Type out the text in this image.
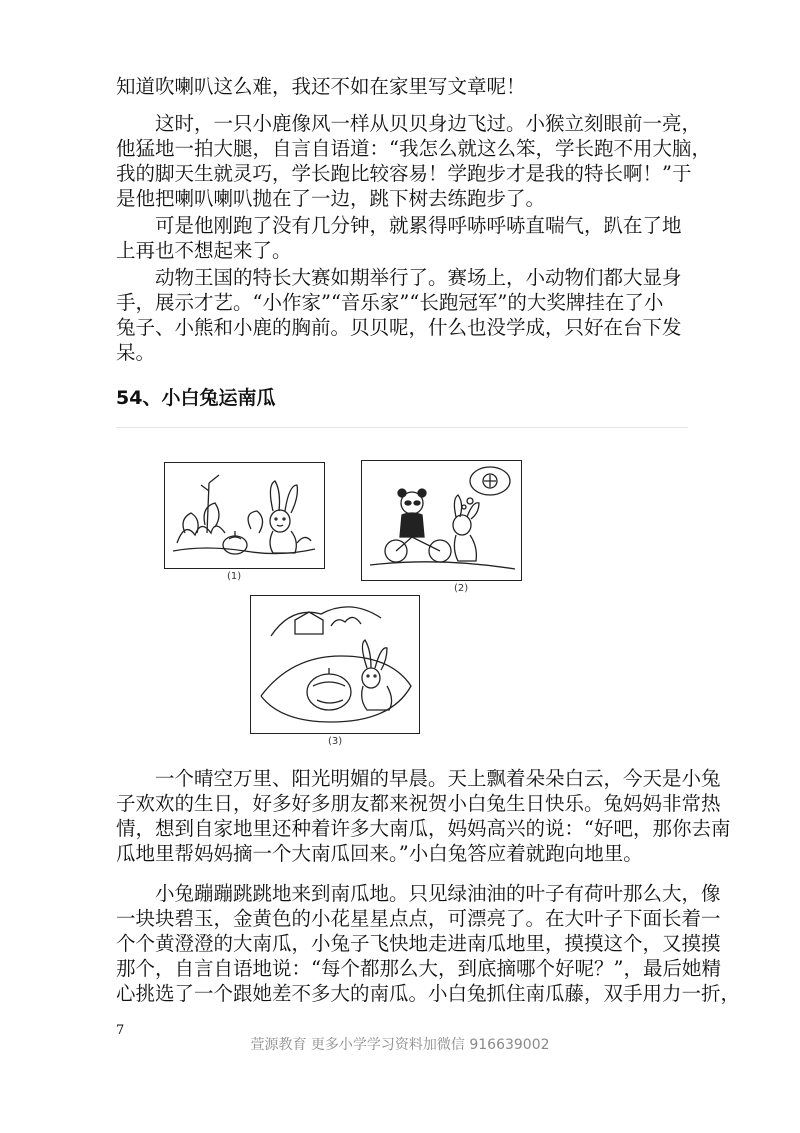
知道吹喇叭这么难，我还不如在家里写文章呢！
　　这时，一只小鹿像风一样从贝贝身边飞过。小猴立刻眼前一亮，
他猛地一拍大腿，自言自语道：“我怎么就这么笨，学长跑不用大脑，
我的脚天生就灵巧，学长跑比较容易！学跑步才是我的特长啊！”于
是他把喇叭喇叭抛在了一边，跳下树去练跑步了。
　　可是他刚跑了没有几分钟，就累得呼哧呼哧直喘气，趴在了地
上再也不想起来了。
　　动物王国的特长大赛如期举行了。赛场上，小动物们都大显身
手，展示才艺。“小作家”“音乐家”“长跑冠军”的大奖牌挂在了小
兔子、小熊和小鹿的胸前。贝贝呢，什么也没学成，只好在台下发
呆。
54、小白兔运南瓜
(1)
(2)
(3)
　　一个晴空万里、阳光明媚的早晨。天上飘着朵朵白云，今天是小兔
子欢欢的生日，好多好多朋友都来祝贺小白兔生日快乐。兔妈妈非常热
情，想到自家地里还种着许多大南瓜，妈妈高兴的说：“好吧，那你去南
瓜地里帮妈妈摘一个大南瓜回来。”小白兔答应着就跑向地里。
　　小兔蹦蹦跳跳地来到南瓜地。只见绿油油的叶子有荷叶那么大，像
一块块碧玉，金黄色的小花星星点点，可漂亮了。在大叶子下面长着一
个个黄澄澄的大南瓜，小兔子飞快地走进南瓜地里，摸摸这个，又摸摸
那个，自言自语地说：“每个都那么大，到底摘哪个好呢？”，最后她精
心挑选了一个跟她差不多大的南瓜。小白兔抓住南瓜藤，双手用力一折，
7
萱源教育 更多小学学习资料加微信 916639002
